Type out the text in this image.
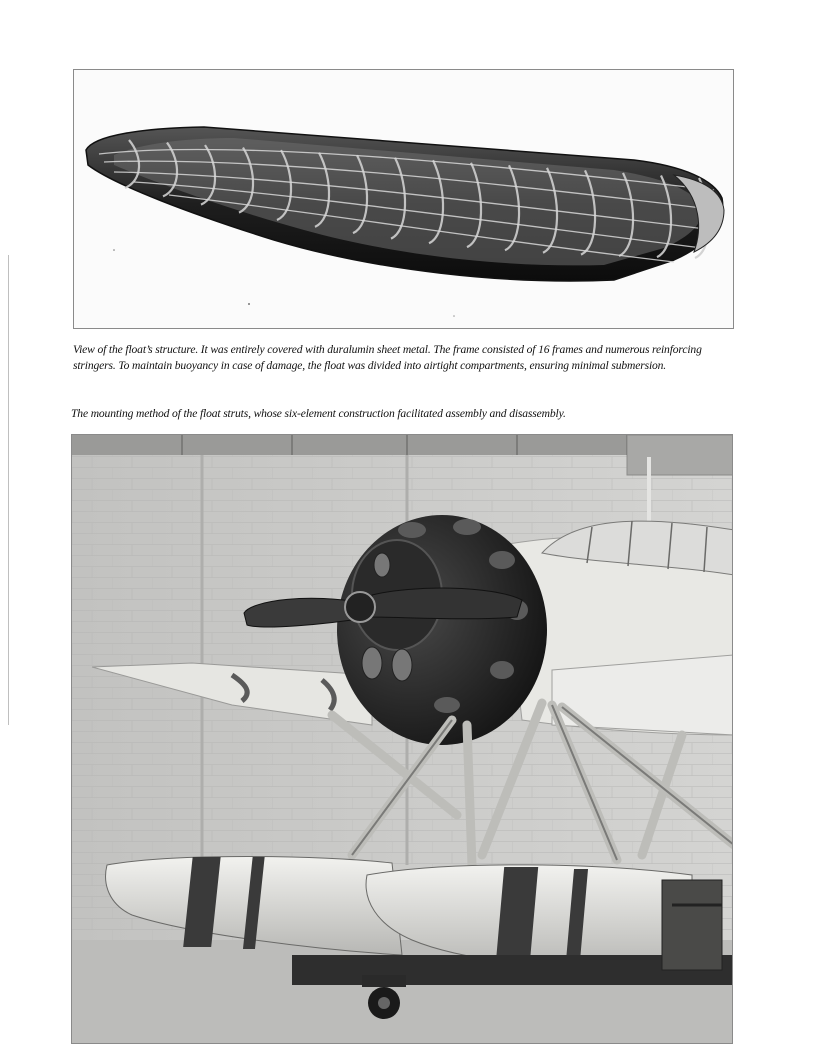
View of the float’s structure. It was entirely covered with duralumin sheet metal. The frame consisted of 16 frames and numerous reinforcing stringers. To maintain buoyancy in case of damage, the float was divided into airtight compartments, ensuring minimal submersion.
The mounting method of the float struts, whose six-element construction facilitated assembly and disassembly.
